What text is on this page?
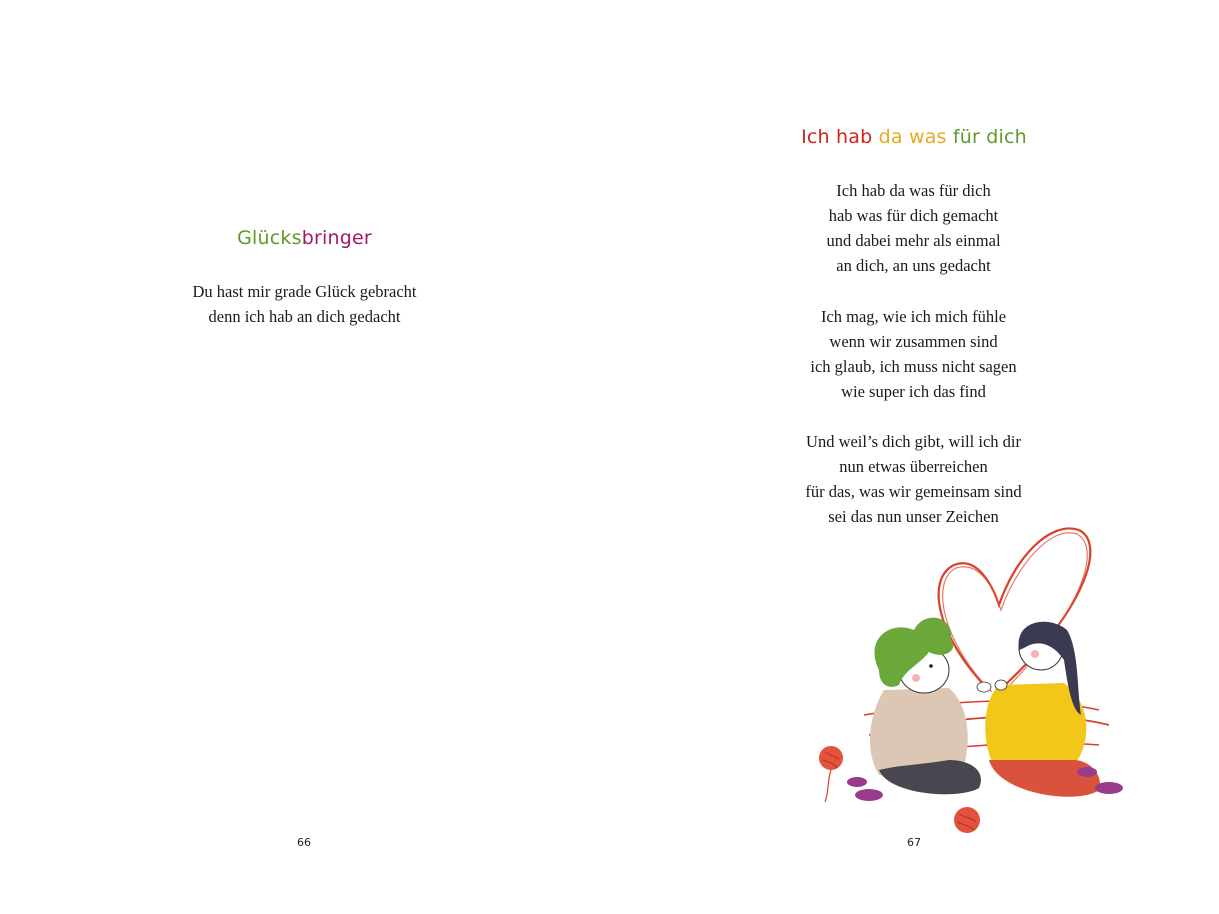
Glücksbringer
Du hast mir grade Glück gebracht
denn ich hab an dich gedacht
66
Ich hab da was für dich
Ich hab da was für dich
hab was für dich gemacht
und dabei mehr als einmal
an dich, an uns gedacht
Ich mag, wie ich mich fühle
wenn wir zusammen sind
ich glaub, ich muss nicht sagen
wie super ich das find
Und weil’s dich gibt, will ich dir
nun etwas überreichen
für das, was wir gemeinsam sind
sei das nun unser Zeichen
67
